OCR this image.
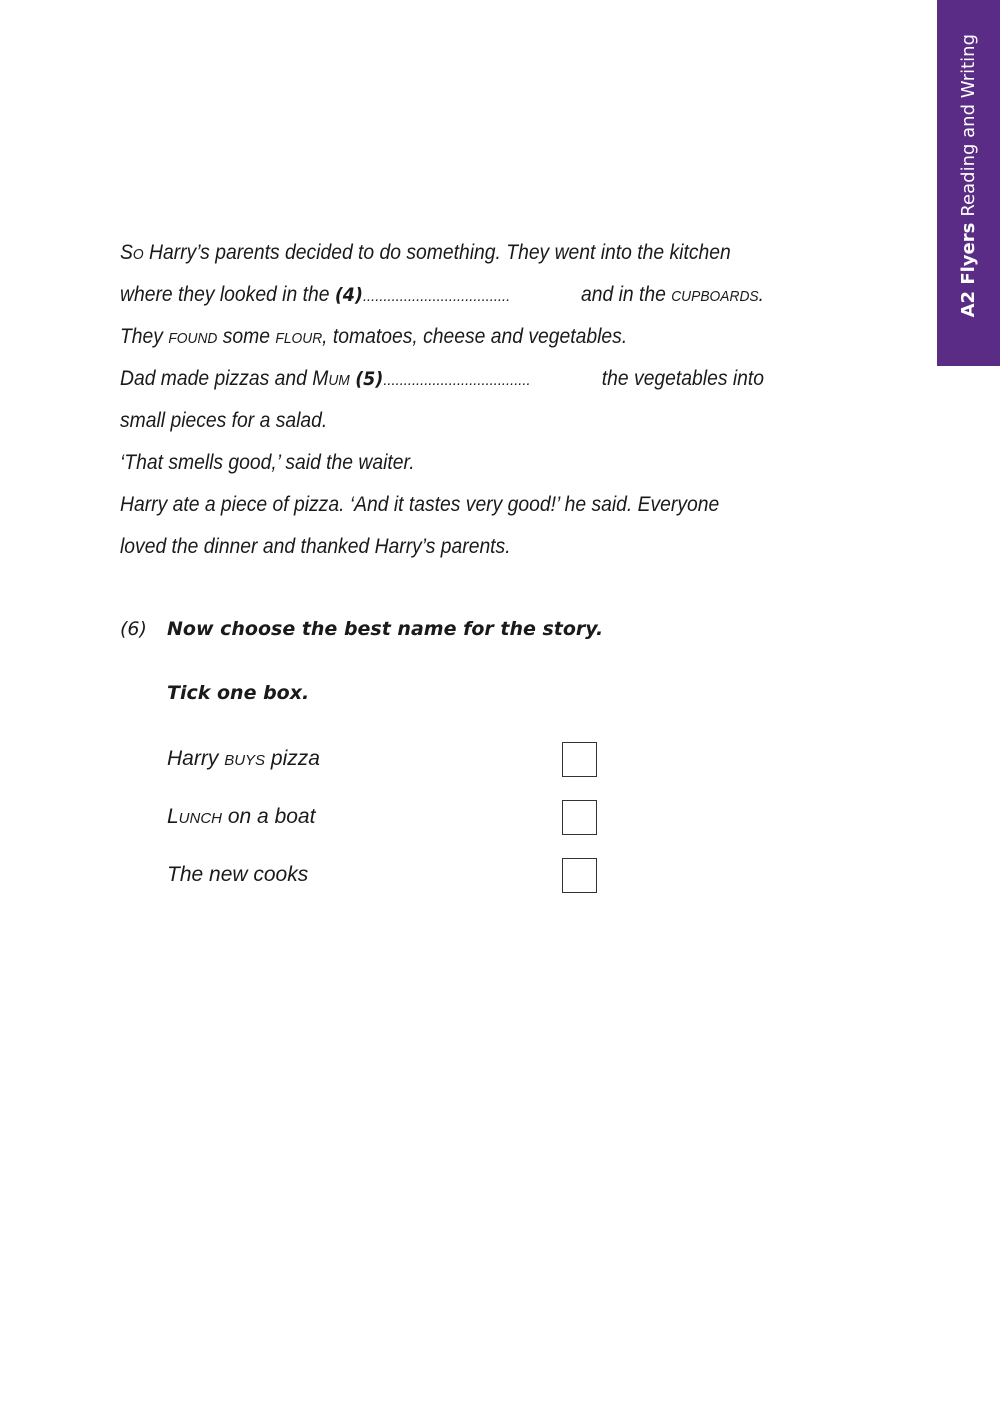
A2 Flyers
Reading and Writing
So Harry’s parents decided to do something. They went into the kitchen
where they looked in the (4)....................................	and in the cupboards.
They found some flour, tomatoes, cheese and vegetables.
Dad made pizzas and Mum (5)....................................	the vegetables into
small pieces for a salad.
‘That smells good,’ said the waiter.
Harry ate a piece of pizza. ‘And it tastes very good!’ he said. Everyone
loved the dinner and thanked Harry’s parents.
(6) Now choose the best name for the story.
Tick one box.
Harry buys pizza
Lunch on a boat
The new cooks
